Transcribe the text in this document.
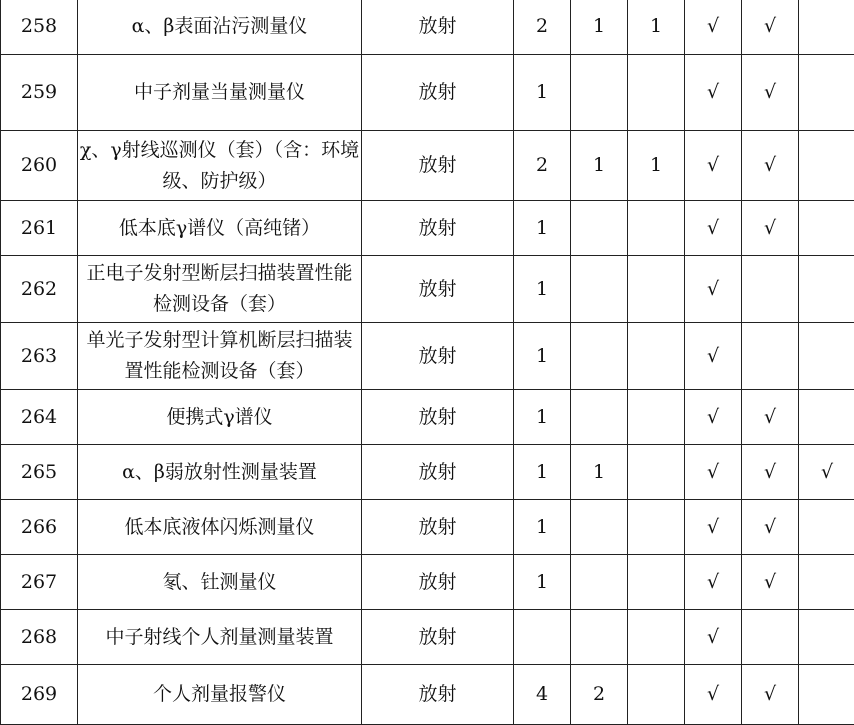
258	α、β表面沾污测量仪	放射	2	1	1	√	√	
259	中子剂量当量测量仪	放射	1			√	√	
260	χ、γ射线巡测仪（套）（含：环境级、防护级）	放射	2	1	1	√	√	
261	低本底γ谱仪（高纯锗）	放射	1			√	√	
262	正电子发射型断层扫描装置性能检测设备（套）	放射	1			√		
263	单光子发射型计算机断层扫描装置性能检测设备（套）	放射	1			√		
264	便携式γ谱仪	放射	1			√	√	
265	α、β弱放射性测量装置	放射	1	1		√	√	√
266	低本底液体闪烁测量仪	放射	1			√	√	
267	氡、钍测量仪	放射	1			√	√	
268	中子射线个人剂量测量装置	放射				√		
269	个人剂量报警仪	放射	4	2		√	√	
